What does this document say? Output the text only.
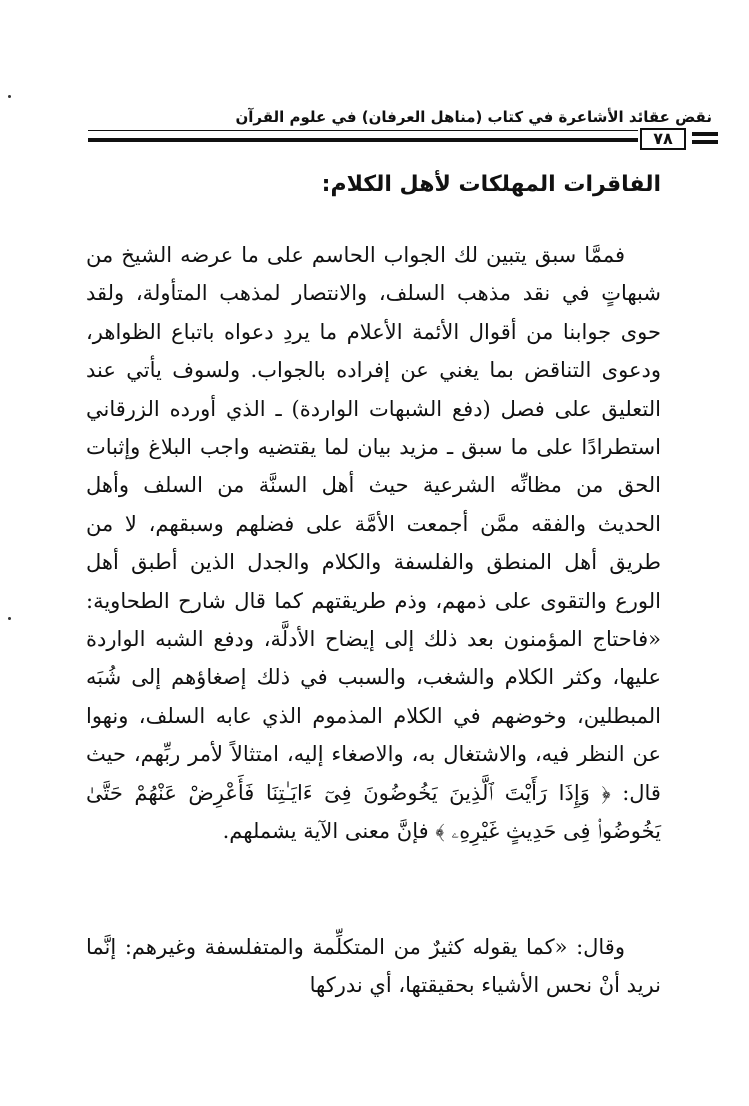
نقض عقائد الأشاعرة في كتاب (مناهل العرفان) في علوم القرآن
٧٨
الفاقرات المهلكات لأهل الكلام:

فممَّا سبق يتبين لك الجواب الحاسم على ما عرضه الشيخ من شبهاتٍ في نقد مذهب السلف، والانتصار لمذهب المتأولة، ولقد حوى جوابنا من أقوال الأئمة الأعلام ما يردِ دعواه باتباع الظواهر، ودعوى التناقض بما يغني عن إفراده بالجواب. ولسوف يأتي عند التعليق على فصل (دفع الشبهات الواردة) ـ الذي أورده الزرقاني استطرادًا على ما سبق ـ مزيد بيان لما يقتضيه واجب البلاغ وإثبات الحق من مظانِّه الشرعية حيث أهل السنَّة من السلف وأهل الحديث والفقه ممَّن أجمعت الأمَّة على فضلهم وسبقهم، لا من طريق أهل المنطق والفلسفة والكلام والجدل الذين أطبق أهل الورع والتقوى على ذمهم، وذم طريقتهم كما قال شارح الطحاوية: «فاحتاج المؤمنون بعد ذلك إلى إيضاح الأدلَّة، ودفع الشبه الواردة عليها، وكثر الكلام والشغب، والسبب في ذلك إصغاؤهم إلى شُبَه المبطلين، وخوضهم في الكلام المذموم الذي عابه السلف، ونهوا عن النظر فيه، والاشتغال به، والاصغاء إليه، امتثالاً لأمر ربِّهم، حيث قال: ﴿ وَإِذَا رَأَيْتَ ٱلَّذِينَ يَخُوضُونَ فِىٓ ءَايَـٰتِنَا فَأَعْرِضْ عَنْهُمْ حَتَّىٰ يَخُوضُوا۟ فِى حَدِيثٍ غَيْرِهِۦ ﴾ فإنَّ معنى الآية يشملهم.

وقال: «كما يقوله كثيرٌ من المتكلِّمة والمتفلسفة وغيرهم: إنَّما نريد أنْ نحس الأشياء بحقيقتها، أي ندركها
